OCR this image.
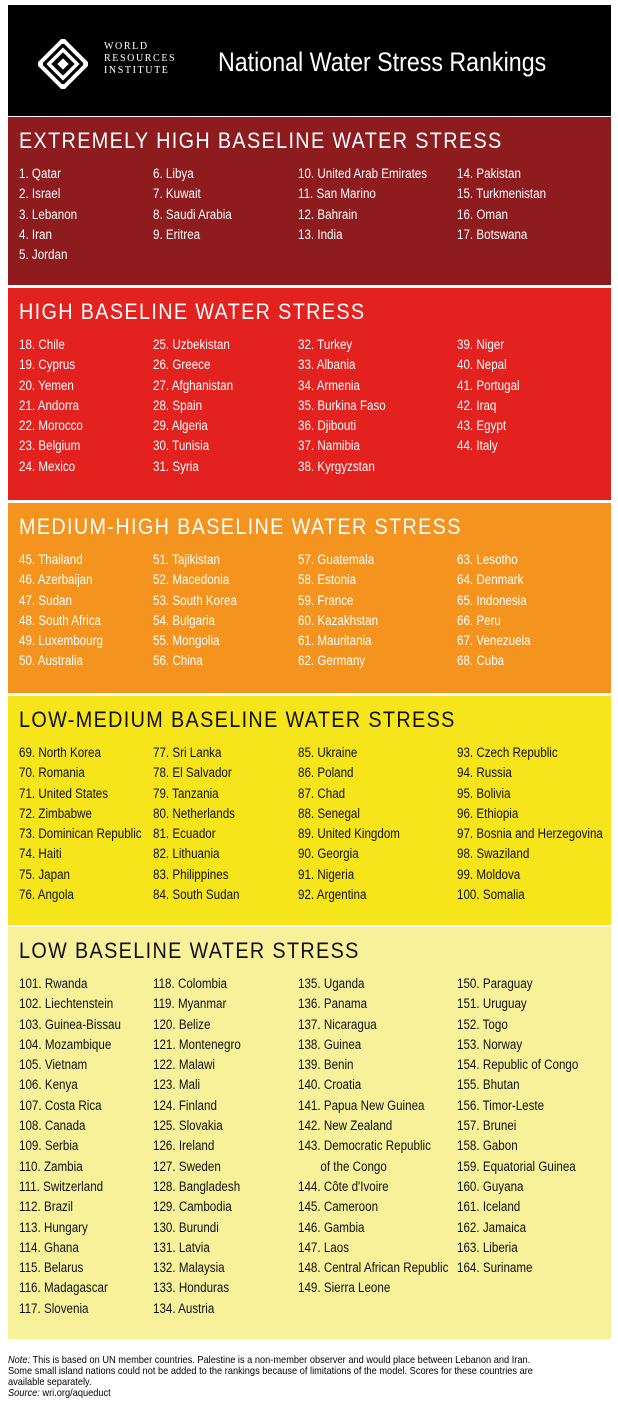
WORLD
RESOURCES
INSTITUTE	National Water Stress Rankings
EXTREMELY HIGH BASELINE WATER STRESS
1. Qatar
2. Israel
3. Lebanon
4. Iran
5. Jordan
6. Libya
7. Kuwait
8. Saudi Arabia
9. Eritrea
10. United Arab Emirates
11. San Marino
12. Bahrain
13. India
14. Pakistan
15. Turkmenistan
16. Oman
17. Botswana
HIGH BASELINE WATER STRESS
18. Chile
19. Cyprus
20. Yemen
21. Andorra
22. Morocco
23. Belgium
24. Mexico
25. Uzbekistan
26. Greece
27. Afghanistan
28. Spain
29. Algeria
30. Tunisia
31. Syria
32. Turkey
33. Albania
34. Armenia
35. Burkina Faso
36. Djibouti
37. Namibia
38. Kyrgyzstan
39. Niger
40. Nepal
41. Portugal
42. Iraq
43. Egypt
44. Italy
MEDIUM-HIGH BASELINE WATER STRESS
45. Thailand
46. Azerbaijan
47. Sudan
48. South Africa
49. Luxembourg
50. Australia
51. Tajikistan
52. Macedonia
53. South Korea
54. Bulgaria
55. Mongolia
56. China
57. Guatemala
58. Estonia
59. France
60. Kazakhstan
61. Mauritania
62. Germany
63. Lesotho
64. Denmark
65. Indonesia
66. Peru
67. Venezuela
68. Cuba
LOW-MEDIUM BASELINE WATER STRESS
69. North Korea
70. Romania
71. United States
72. Zimbabwe
73. Dominican Republic
74. Haiti
75. Japan
76. Angola
77. Sri Lanka
78. El Salvador
79. Tanzania
80. Netherlands
81. Ecuador
82. Lithuania
83. Philippines
84. South Sudan
85. Ukraine
86. Poland
87. Chad
88. Senegal
89. United Kingdom
90. Georgia
91. Nigeria
92. Argentina
93. Czech Republic
94. Russia
95. Bolivia
96. Ethiopia
97. Bosnia and Herzegovina
98. Swaziland
99. Moldova
100. Somalia
LOW BASELINE WATER STRESS
101. Rwanda
102. Liechtenstein
103. Guinea-Bissau
104. Mozambique
105. Vietnam
106. Kenya
107. Costa Rica
108. Canada
109. Serbia
110. Zambia
111. Switzerland
112. Brazil
113. Hungary
114. Ghana
115. Belarus
116. Madagascar
117. Slovenia
118. Colombia
119. Myanmar
120. Belize
121. Montenegro
122. Malawi
123. Mali
124. Finland
125. Slovakia
126. Ireland
127. Sweden
128. Bangladesh
129. Cambodia
130. Burundi
131. Latvia
132. Malaysia
133. Honduras
134. Austria
135. Uganda
136. Panama
137. Nicaragua
138. Guinea
139. Benin
140. Croatia
141. Papua New Guinea
142. New Zealand
143. Democratic Republic
of the Congo
144. Côte d'Ivoire
145. Cameroon
146. Gambia
147. Laos
148. Central African Republic
149. Sierra Leone
150. Paraguay
151. Uruguay
152. Togo
153. Norway
154. Republic of Congo
155. Bhutan
156. Timor-Leste
157. Brunei
158. Gabon
159. Equatorial Guinea
160. Guyana
161. Iceland
162. Jamaica
163. Liberia
164. Suriname
Note: This is based on UN member countries. Palestine is a non-member observer and would place between Lebanon and Iran.
Some small island nations could not be added to the rankings because of limitations of the model. Scores for these countries are
available separately.
Source: wri.org/aqueduct
